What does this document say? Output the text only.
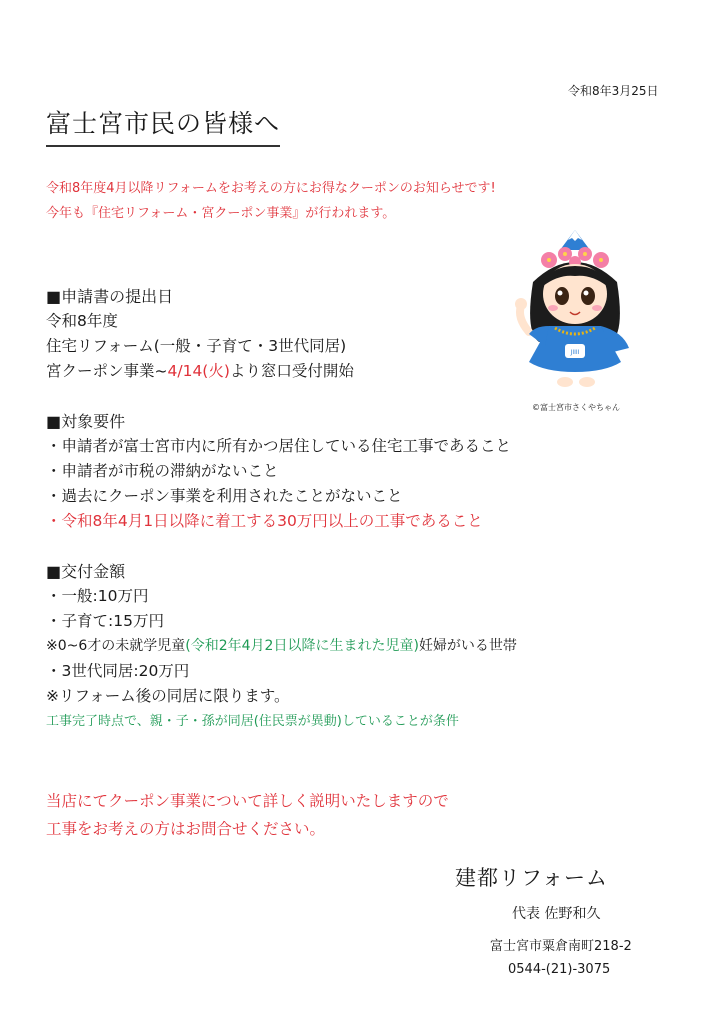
令和8年3月25日
富士宮市民の皆様へ
令和8年度4月以降リフォームをお考えの方にお得なクーポンのお知らせです!
今年も『住宅リフォーム・宮クーポン事業』が行われます。
JIIII
©富士宮市さくやちゃん
■申請書の提出日
令和8年度
住宅リフォーム(一般・子育て・3世代同居)
宮クーポン事業~4/14(火)より窓口受付開始
■対象要件
・申請者が富士宮市内に所有かつ居住している住宅工事であること
・申請者が市税の滞納がないこと
・過去にクーポン事業を利用されたことがないこと
・令和8年4月1日以降に着工する30万円以上の工事であること
■交付金額
・一般:10万円
・子育て:15万円
※0~6才の未就学児童(令和2年4月2日以降に生まれた児童)妊婦がいる世帯
・3世代同居:20万円
※リフォーム後の同居に限ります。
工事完了時点で、親・子・孫が同居(住民票が異動)していることが条件
当店にてクーポン事業について詳しく説明いたしますので
工事をお考えの方はお問合せください。
建都リフォーム
代表 佐野和久
富士宮市粟倉南町218-2
0544-(21)-3075
